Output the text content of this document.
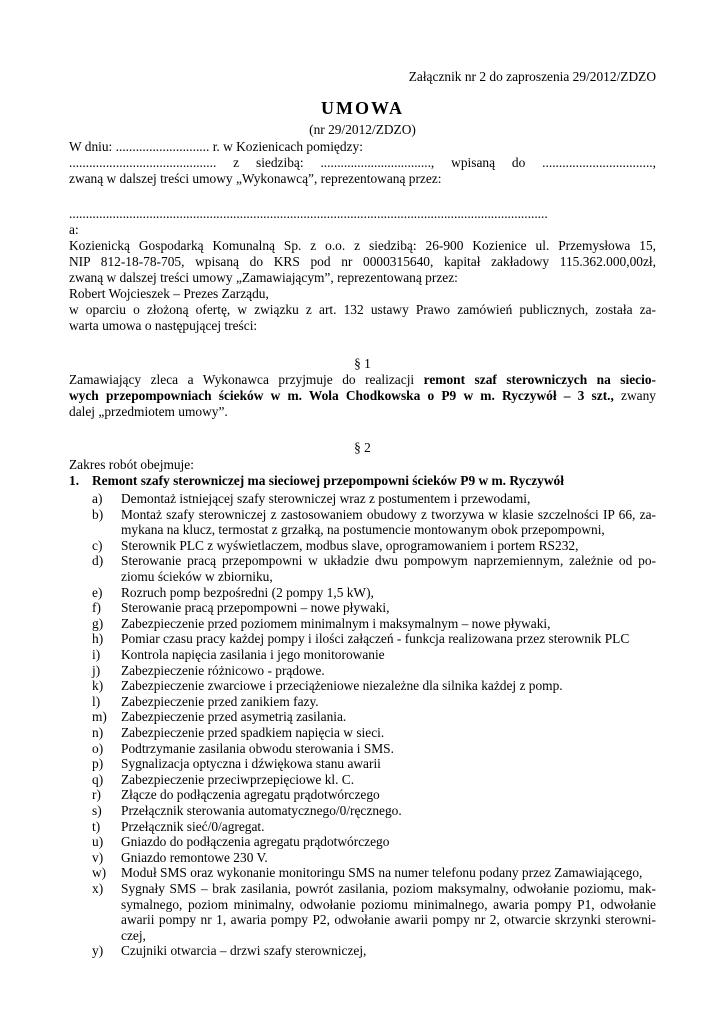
Załącznik nr 2 do zaproszenia 29/2012/ZDZO
UMOWA
(nr 29/2012/ZDZO)
W dniu: ............................ r. w Kozienicach pomiędzy:
............................................ z siedzibą: ................................., wpisaną do .................................,
zwaną w dalszej treści umowy „Wykonawcą”, reprezentowaną przez:
...............................................................................................................................................
a:
Kozienicką Gospodarką Komunalną Sp. z o.o. z siedzibą: 26-900 Kozienice ul. Przemysłowa 15,
NIP 812-18-78-705, wpisaną do KRS pod nr 0000315640, kapitał zakładowy 115.362.000,00zł,
zwaną w dalszej treści umowy „Zamawiającym”, reprezentowaną przez:
Robert Wojcieszek – Prezes Zarządu,
w oparciu o złożoną ofertę, w związku z art. 132 ustawy Prawo zamówień publicznych, została za-
warta umowa o następującej treści:
§ 1
Zamawiający zleca a Wykonawca przyjmuje do realizacji remont szaf sterowniczych na siecio-
wych przepompowniach ścieków w m. Wola Chodkowska o P9 w m. Ryczywół – 3 szt., zwany
dalej „przedmiotem umowy”.
§ 2
Zakres robót obejmuje:
1. Remont szafy sterowniczej ma sieciowej przepompowni ścieków P9 w m. Ryczywół
a)	Demontaż istniejącej szafy sterowniczej wraz z postumentem i przewodami,
b)	Montaż szafy sterowniczej z zastosowaniem obudowy z tworzywa w klasie szczelności IP 66, za-
mykana na klucz, termostat z grzałką, na postumencie montowanym obok przepompowni,
c)	Sterownik PLC z wyświetlaczem, modbus slave, oprogramowaniem i portem RS232,
d)	Sterowanie pracą przepompowni w układzie dwu pompowym naprzemiennym, zależnie od po-
ziomu ścieków w zbiorniku,
e)	Rozruch pomp bezpośredni (2 pompy 1,5 kW),
f)	Sterowanie pracą przepompowni – nowe pływaki,
g)	Zabezpieczenie przed poziomem minimalnym i maksymalnym – nowe pływaki,
h)	Pomiar czasu pracy każdej pompy i ilości załączeń - funkcja realizowana przez sterownik PLC
i)	Kontrola napięcia zasilania i jego monitorowanie
j)	Zabezpieczenie różnicowo - prądowe.
k)	Zabezpieczenie zwarciowe i przeciążeniowe niezależne dla silnika każdej z pomp.
l)	Zabezpieczenie przed zanikiem fazy.
m)	Zabezpieczenie przed asymetrią zasilania.
n)	Zabezpieczenie przed spadkiem napięcia w sieci.
o)	Podtrzymanie zasilania obwodu sterowania i SMS.
p)	Sygnalizacja optyczna i dźwiękowa stanu awarii
q)	Zabezpieczenie przeciwprzepięciowe kl. C.
r)	Złącze do podłączenia agregatu prądotwórczego
s)	Przełącznik sterowania automatycznego/0/ręcznego.
t)	Przełącznik sieć/0/agregat.
u)	Gniazdo do podłączenia agregatu prądotwórczego
v)	Gniazdo remontowe 230 V.
w)	Moduł SMS oraz wykonanie monitoringu SMS na numer telefonu podany przez Zamawiającego,
x)	Sygnały SMS – brak zasilania, powrót zasilania, poziom maksymalny, odwołanie poziomu, mak-
symalnego, poziom minimalny, odwołanie poziomu minimalnego, awaria pompy P1, odwołanie
awarii pompy nr 1, awaria pompy P2, odwołanie awarii pompy nr 2, otwarcie skrzynki sterowni-
czej,
y)	Czujniki otwarcia – drzwi szafy sterowniczej,
